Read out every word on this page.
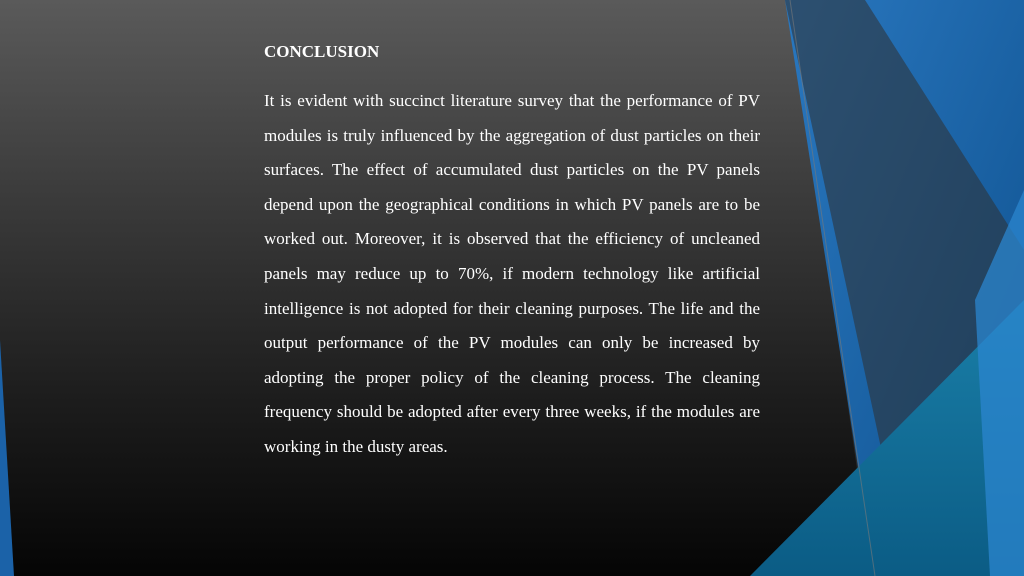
CONCLUSION

It is evident with succinct literature survey that the performance of PV modules is truly influenced by the aggregation of dust particles on their surfaces. The effect of accumulated dust particles on the PV panels depend upon the geographical conditions in which PV panels are to be worked out. Moreover, it is observed that the efficiency of uncleaned panels may reduce up to 70%, if modern technology like artificial intelligence is not adopted for their cleaning purposes. The life and the output performance of the PV modules can only be increased by adopting the proper policy of the cleaning process. The cleaning frequency should be adopted after every three weeks, if the modules are working in the dusty areas.
